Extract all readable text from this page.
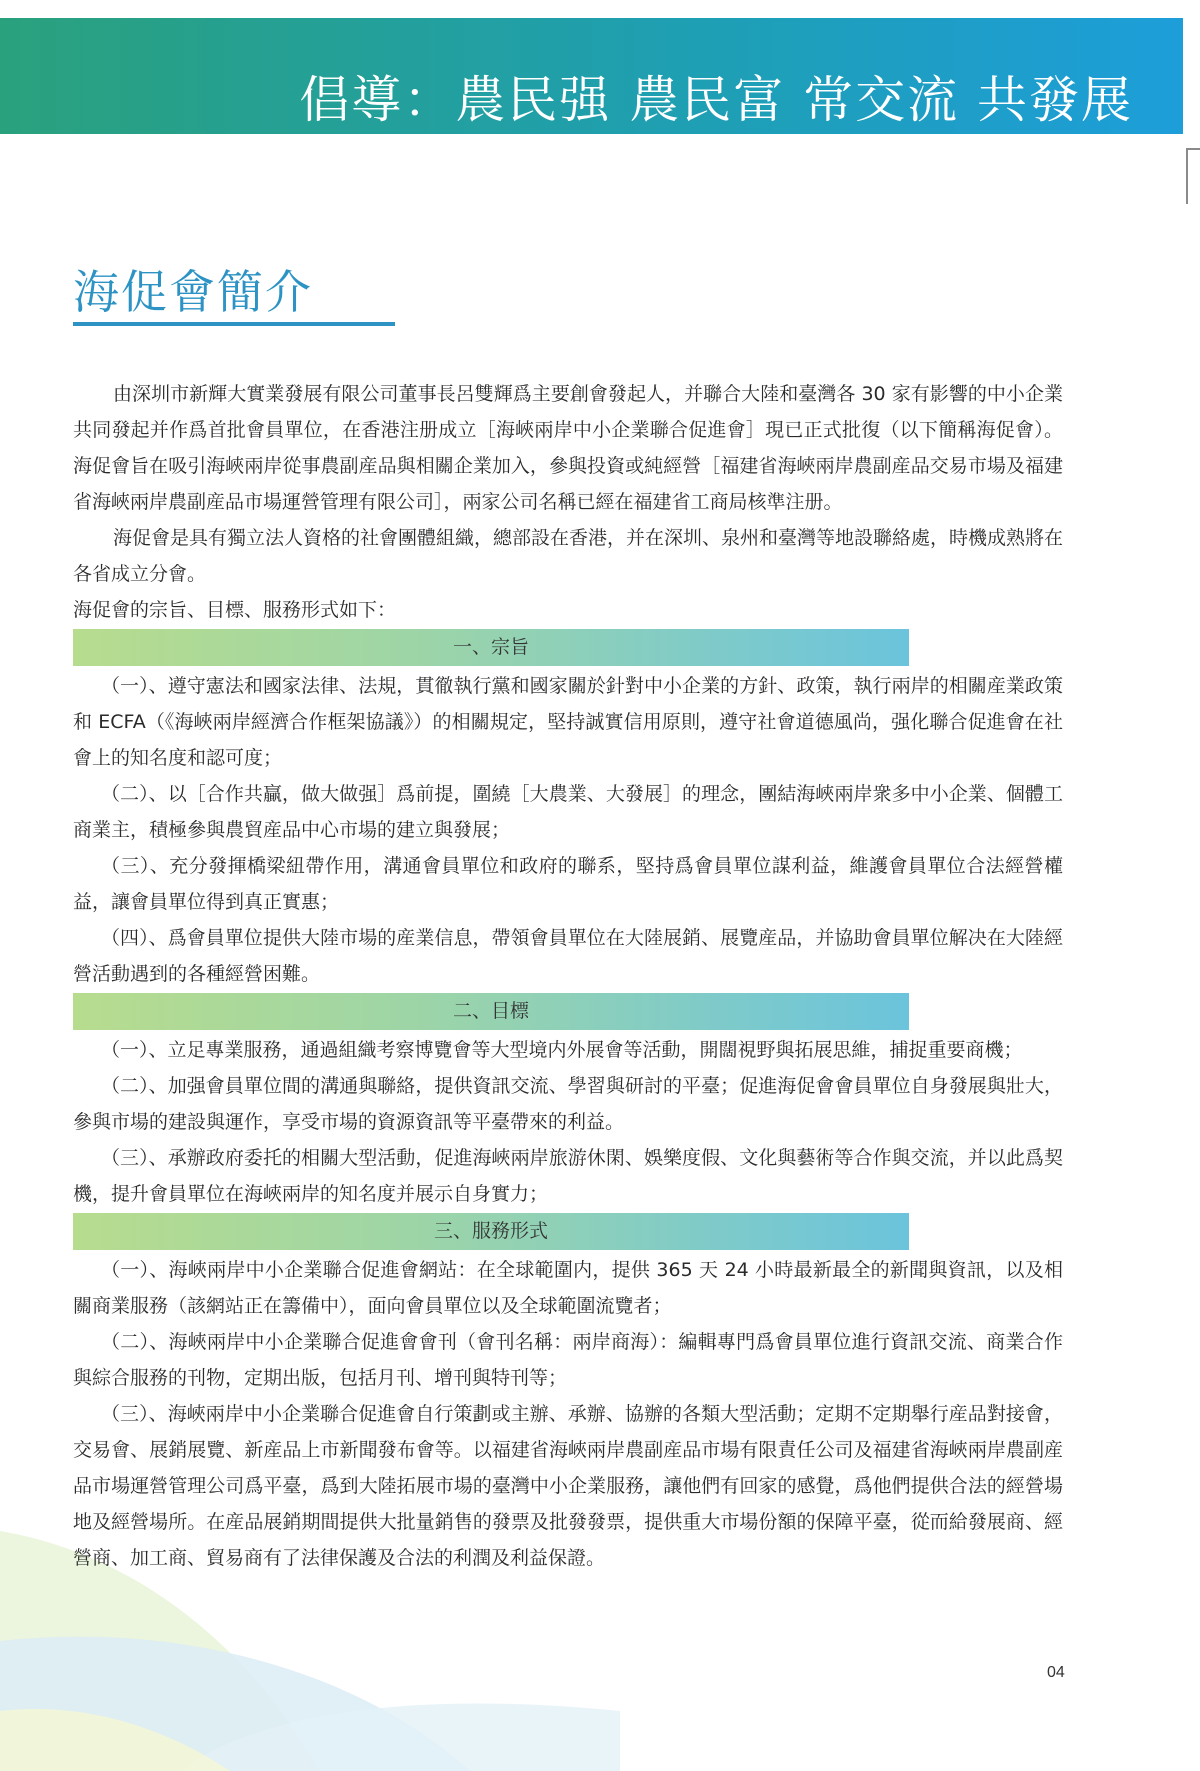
倡導：農民强 農民富 常交流 共發展
海促會簡介

由深圳市新輝大實業發展有限公司董事長呂雙輝爲主要創會發起人，并聯合大陸和臺灣各 30 家有影響的中小企業共同發起并作爲首批會員單位，在香港注册成立［海峽兩岸中小企業聯合促進會］現已正式批復（以下簡稱海促會）。海促會旨在吸引海峽兩岸從事農副産品與相關企業加入，參與投資或純經營［福建省海峽兩岸農副産品交易市場及福建省海峽兩岸農副産品市場運營管理有限公司］，兩家公司名稱已經在福建省工商局核準注册。

海促會是具有獨立法人資格的社會團體組織，總部設在香港，并在深圳、泉州和臺灣等地設聯絡處，時機成熟將在各省成立分會。

海促會的宗旨、目標、服務形式如下：

一、宗旨

（一）、遵守憲法和國家法律、法規，貫徹執行黨和國家關於針對中小企業的方針、政策，執行兩岸的相關産業政策和 ECFA（《海峽兩岸經濟合作框架協議》）的相關規定，堅持誠實信用原則，遵守社會道德風尚，强化聯合促進會在社會上的知名度和認可度；

（二）、以［合作共贏，做大做强］爲前提，圍繞［大農業、大發展］的理念，團結海峽兩岸衆多中小企業、個體工商業主，積極參與農貿産品中心市場的建立與發展；

（三）、充分發揮橋梁紐帶作用，溝通會員單位和政府的聯系，堅持爲會員單位謀利益，維護會員單位合法經營權益，讓會員單位得到真正實惠；

（四）、爲會員單位提供大陸市場的産業信息，帶領會員單位在大陸展銷、展覽産品，并協助會員單位解决在大陸經營活動遇到的各種經營困難。

二、目標

（一）、立足專業服務，通過組織考察博覽會等大型境内外展會等活動，開闊視野與拓展思維，捕捉重要商機；

（二）、加强會員單位間的溝通與聯絡，提供資訊交流、學習與研討的平臺；促進海促會會員單位自身發展與壯大，參與市場的建設與運作，享受市場的資源資訊等平臺帶來的利益。

（三）、承辦政府委托的相關大型活動，促進海峽兩岸旅游休閑、娛樂度假、文化與藝術等合作與交流，并以此爲契機，提升會員單位在海峽兩岸的知名度并展示自身實力；

三、服務形式

（一）、海峽兩岸中小企業聯合促進會網站：在全球範圍内，提供 365 天 24 小時最新最全的新聞與資訊，以及相關商業服務（該網站正在籌備中），面向會員單位以及全球範圍流覽者；

（二）、海峽兩岸中小企業聯合促進會會刊（會刊名稱：兩岸商海）：編輯專門爲會員單位進行資訊交流、商業合作與綜合服務的刊物，定期出版，包括月刊、增刊與特刊等；

（三）、海峽兩岸中小企業聯合促進會自行策劃或主辦、承辦、協辦的各類大型活動；定期不定期舉行産品對接會，交易會、展銷展覽、新産品上市新聞發布會等。以福建省海峽兩岸農副産品市場有限責任公司及福建省海峽兩岸農副産品市場運營管理公司爲平臺，爲到大陸拓展市場的臺灣中小企業服務，讓他們有回家的感覺，爲他們提供合法的經營場地及經營場所。在産品展銷期間提供大批量銷售的發票及批發發票，提供重大市場份額的保障平臺，從而給發展商、經營商、加工商、貿易商有了法律保護及合法的利潤及利益保證。

04
